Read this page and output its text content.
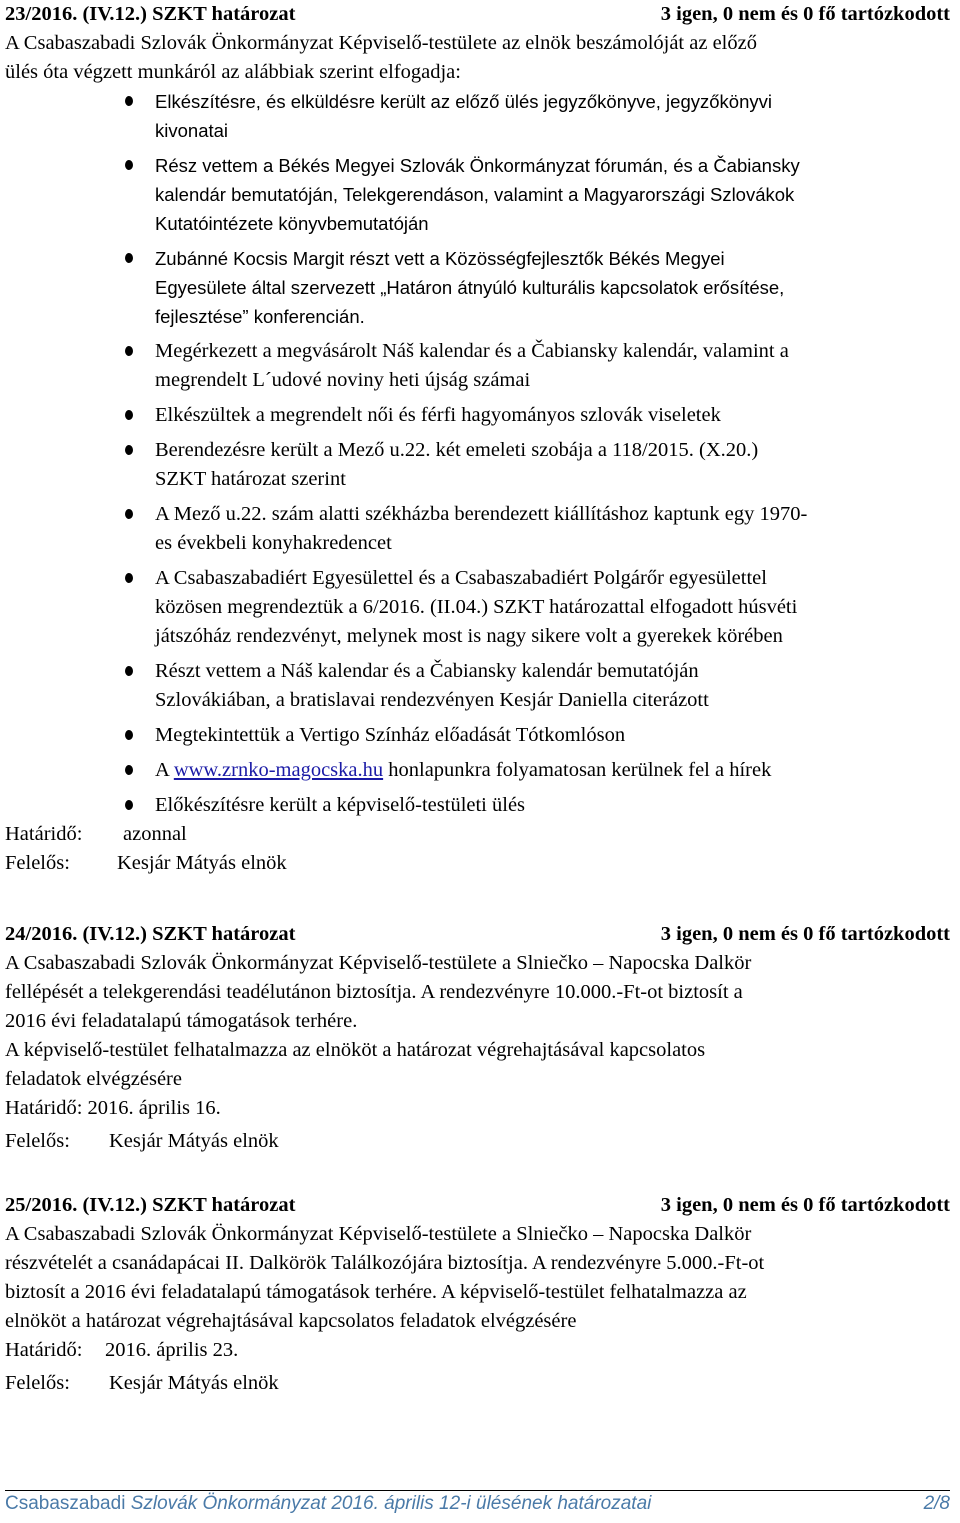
23/2016. (IV.12.) SZKT határozat	3 igen, 0 nem és 0 fő tartózkodott
A Csabaszabadi Szlovák Önkormányzat Képviselő-testülete az elnök beszámolóját az előző
ülés óta végzett munkáról az alábbiak szerint elfogadja:
Elkészítésre, és elküldésre került az előző ülés jegyzőkönyve, jegyzőkönyvi
kivonatai
Rész vettem a Békés Megyei Szlovák Önkormányzat fórumán, és a Čabiansky
kalendár bemutatóján, Telekgerendáson, valamint a Magyarországi Szlovákok
Kutatóintézete könyvbemutatóján
Zubánné Kocsis Margit részt vett a Közösségfejlesztők Békés Megyei
Egyesülete által szervezett „Határon átnyúló kulturális kapcsolatok erősítése,
fejlesztése” konferencián.
Megérkezett a megvásárolt Náš kalendar és a Čabiansky kalendár, valamint a
megrendelt L´udové noviny heti újság számai
Elkészültek a megrendelt női és férfi hagyományos szlovák viseletek
Berendezésre került a Mező u.22. két emeleti szobája a 118/2015. (X.20.)
SZKT határozat szerint
A Mező u.22. szám alatti székházba berendezett kiállításhoz kaptunk egy 1970-
es évekbeli konyhakredencet
A Csabaszabadiért Egyesülettel és a Csabaszabadiért Polgárőr egyesülettel
közösen megrendeztük a 6/2016. (II.04.) SZKT határozattal elfogadott húsvéti
játszóház rendezvényt, melynek most is nagy sikere volt a gyerekek körében
Részt vettem a Náš kalendar és a Čabiansky kalendár bemutatóján
Szlovákiában, a bratislavai rendezvényen Kesjár Daniella citerázott
Megtekintettük a Vertigo Színház előadását Tótkomlóson
A www.zrnko-magocska.hu honlapunkra folyamatosan kerülnek fel a hírek
Előkészítésre került a képviselő-testületi ülés
Határidő:	azonnal
Felelős:	Kesjár Mátyás elnök
24/2016. (IV.12.) SZKT határozat	3 igen, 0 nem és 0 fő tartózkodott
A Csabaszabadi Szlovák Önkormányzat Képviselő-testülete a Slniečko – Napocska Dalkör
fellépését a telekgerendási teadélutánon biztosítja. A rendezvényre 10.000.-Ft-ot biztosít a
2016 évi feladatalapú támogatások terhére.
A képviselő-testület felhatalmazza az elnököt a határozat végrehajtásával kapcsolatos
feladatok elvégzésére
Határidő: 2016. április 16.
Felelős:	Kesjár Mátyás elnök
25/2016. (IV.12.) SZKT határozat	3 igen, 0 nem és 0 fő tartózkodott
A Csabaszabadi Szlovák Önkormányzat Képviselő-testülete a Slniečko – Napocska Dalkör
részvételét a csanádapácai II. Dalkörök Találkozójára biztosítja. A rendezvényre 5.000.-Ft-ot
biztosít a 2016 évi feladatalapú támogatások terhére. A képviselő-testület felhatalmazza az
elnököt a határozat végrehajtásával kapcsolatos feladatok elvégzésére
Határidő:	2016. április 23.
Felelős:	Kesjár Mátyás elnök
Csabaszabadi Szlovák Önkormányzat 2016. április 12-i ülésének határozatai	2/8
